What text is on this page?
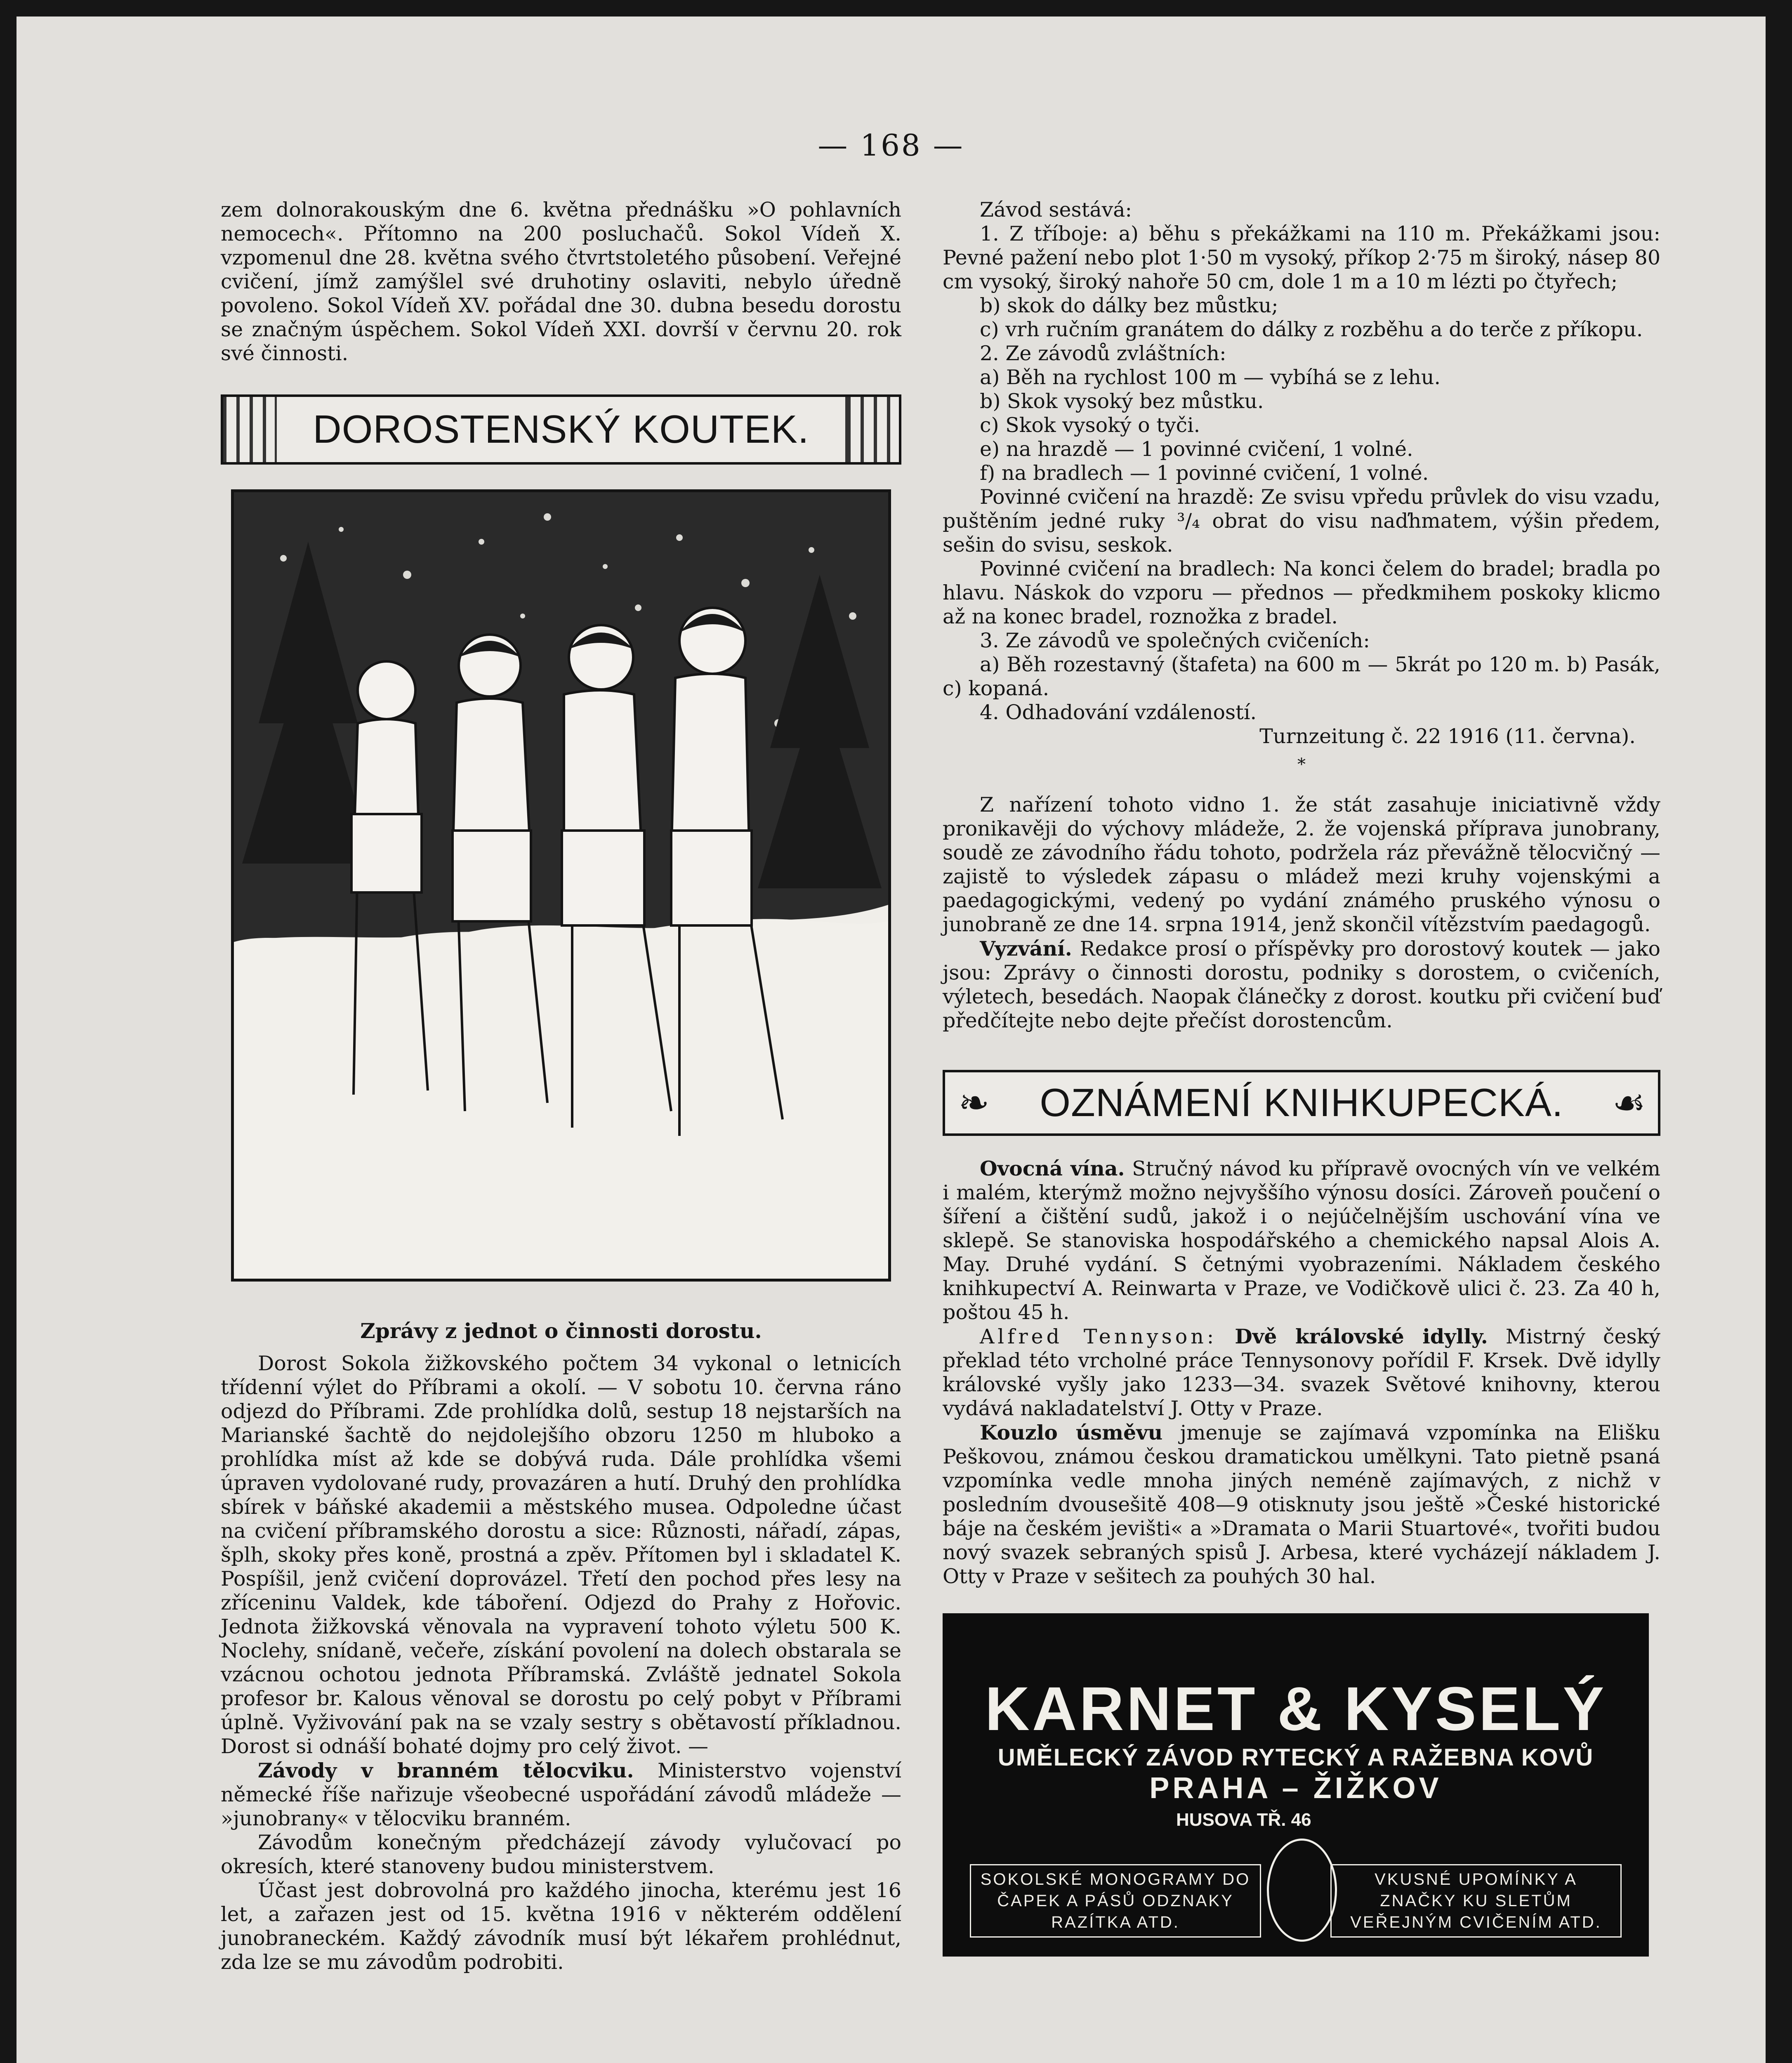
— 168 —

zem dolnorakouským dne 6. května přednášku »O pohlavních nemocech«. Přítomno na 200 posluchačů. Sokol Vídeň X. vzpomenul dne 28. května svého čtvrtstoletého působení. Veřejné cvičení, jímž zamýšlel své druhotiny oslaviti, nebylo úředně povoleno. Sokol Vídeň XV. pořádal dne 30. dubna besedu dorostu se značným úspěchem. Sokol Vídeň XXI. dovrší v červnu 20. rok své činnosti.

DOROSTENSKÝ KOUTEK.
Zprávy z jednot o činnosti dorostu.

Dorost Sokola žižkovského počtem 34 vykonal o letnicích třídenní výlet do Příbrami a okolí. — V sobotu 10. června ráno odjezd do Příbrami. Zde prohlídka dolů, sestup 18 nejstarších na Marianské šachtě do nejdolejšího obzoru 1250 m hluboko a prohlídka míst až kde se dobývá ruda. Dále prohlídka všemi úpraven vydolované rudy, provazáren a hutí. Druhý den prohlídka sbírek v báňské akademii a městského musea. Odpoledne účast na cvičení příbramského dorostu a sice: Různosti, nářadí, zápas, šplh, skoky přes koně, prostná a zpěv. Přítomen byl i skladatel K. Pospíšil, jenž cvičení doprovázel. Třetí den pochod přes lesy na zříceninu Valdek, kde táboření. Odjezd do Prahy z Hořovic. Jednota žižkovská věnovala na vypravení tohoto výletu 500 K. Noclehy, snídaně, večeře, získání povolení na dolech obstarala se vzácnou ochotou jednota Příbramská. Zvláště jednatel Sokola profesor br. Kalous věnoval se dorostu po celý pobyt v Příbrami úplně. Vyživování pak na se vzaly sestry s obětavostí příkladnou. Dorost si odnáší bohaté dojmy pro celý život. —

Závody v branném tělocviku. Ministerstvo vojenství německé říše nařizuje všeobecné uspořádání závodů mládeže — »junobrany« v tělocviku branném.

Závodům konečným předcházejí závody vylučovací po okresích, které stanoveny budou ministerstvem.

Účast jest dobrovolná pro každého jinocha, kterému jest 16 let, a zařazen jest od 15. května 1916 v některém oddělení junobraneckém. Každý závodník musí být lékařem prohlédnut, zda lze se mu závodům podrobiti.

Závod sestává:

1. Z tříboje: a) běhu s překážkami na 110 m. Překážkami jsou: Pevné pažení nebo plot 1·50 m vysoký, příkop 2·75 m široký, násep 80 cm vysoký, široký nahoře 50 cm, dole 1 m a 10 m lézti po čtyřech;

b) skok do dálky bez můstku;

c) vrh ručním granátem do dálky z rozběhu a do terče z příkopu.

2. Ze závodů zvláštních:

a) Běh na rychlost 100 m — vybíhá se z lehu.

b) Skok vysoký bez můstku.

c) Skok vysoký o tyči.

e) na hrazdě — 1 povinné cvičení, 1 volné.

f) na bradlech — 1 povinné cvičení, 1 volné.

Povinné cvičení na hrazdě: Ze svisu vpředu průvlek do visu vzadu, puštěním jedné ruky ³/₄ obrat do visu naďhmatem, výšin předem, sešin do svisu, seskok.

Povinné cvičení na bradlech: Na konci čelem do bradel; bradla po hlavu. Náskok do vzporu — přednos — předkmihem poskoky klicmo až na konec bradel, roznožka z bradel.

3. Ze závodů ve společných cvičeních:

a) Běh rozestavný (štafeta) na 600 m — 5krát po 120 m. b) Pasák, c) kopaná.

4. Odhadování vzdáleností.

Turnzeitung č. 22 1916 (11. června).

*

Z nařízení tohoto vidno 1. že stát zasahuje iniciativně vždy pronikavěji do výchovy mládeže, 2. že vojenská příprava junobrany, soudě ze závodního řádu tohoto, podržela ráz převážně tělocvičný — zajistě to výsledek zápasu o mládež mezi kruhy vojenskými a paedagogickými, vedený po vydání známého pruského výnosu o junobraně ze dne 14. srpna 1914, jenž skončil vítězstvím paedagogů.

Vyzvání. Redakce prosí o příspěvky pro dorostový koutek — jako jsou: Zprávy o činnosti dorostu, podniky s dorostem, o cvičeních, výletech, besedách. Naopak článečky z dorost. koutku při cvičení buď předčítejte nebo dejte přečíst dorostencům.

❧	OZNÁMENÍ KNIHKUPECKÁ.	☙

Ovocná vína. Stručný návod ku přípravě ovocných vín ve velkém i malém, kterýmž možno nejvyššího výnosu dosíci. Zároveň poučení o šíření a čištění sudů, jakož i o nejúčelnějším uschování vína ve sklepě. Se stanoviska hospodářského a chemického napsal Alois A. May. Druhé vydání. S četnými vyobrazeními. Nákladem českého knihkupectví A. Reinwarta v Praze, ve Vodičkově ulici č. 23. Za 40 h, poštou 45 h.

Alfred Tennyson: Dvě královské idylly. Mistrný český překlad této vrcholné práce Tennysonovy pořídil F. Krsek. Dvě idylly královské vyšly jako 1233—34. svazek Světové knihovny, kterou vydává nakladatelství J. Otty v Praze.

Kouzlo úsměvu jmenuje se zajímavá vzpomínka na Elišku Peškovou, známou českou dramatickou umělkyni. Tato pietně psaná vzpomínka vedle mnoha jiných neméně zajímavých, z nichž v posledním dvousešitě 408—9 otisknuty jsou ještě »České historické báje na českém jevišti« a »Dramata o Marii Stuartové«, tvořiti budou nový svazek sebraných spisů J. Arbesa, které vycházejí nákladem J. Otty v Praze v sešitech za pouhých 30 hal.

KARNET & KYSELÝ
UMĚLECKÝ ZÁVOD RYTECKÝ A RAŽEBNA KOVŮ
PRAHA – ŽIŽKOV
HUSOVA TŘ. 46
SOKOLSKÉ MONOGRAMY DO ČAPEK A PÁSŮ ODZNAKY RAZÍTKA ATD.
VKUSNÉ UPOMÍNKY A ZNAČKY KU SLETŮM VEŘEJNÝM CVIČENÍM ATD.
